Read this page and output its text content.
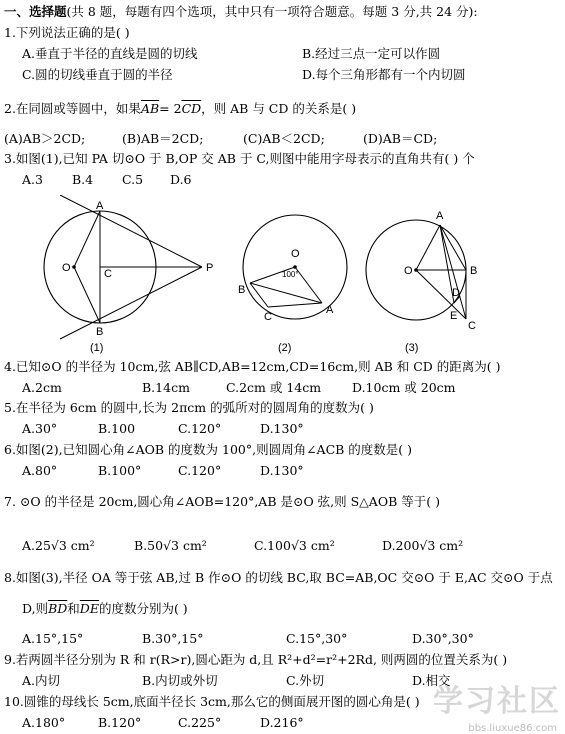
一、选择题(共 8 题，每题有四个选项，其中只有一项符合题意。每题 3 分,共 24 分):
1.下列说法正确的是( )
A.垂直于半径的直线是圆的切线	B.经过三点一定可以作圆
C.圆的切线垂直于圆的半径	D.每个三角形都有一个内切圆
2.在同圆或等圆中，如果$\overline{AB}= 2\overline{CD}$，则 AB 与 CD 的关系是( )
(A)AB＞2CD;	(B)AB＝2CD;	(C)AB＜2CD;	(D)AB＝CD;
3.如图(1),已知 PA 切⊙O 于 B,OP 交 AB 于 C,则图中能用字母表示的直角共有( ) 个
A.3 B.4 C.5 D.6
A
O	C	P
B
(1)
O
100°
B
C
A
(2)
A
O	B
D
E
C
(3)
4.已知⊙O 的半径为 10cm,弦 AB∥CD,AB=12cm,CD=16cm,则 AB 和 CD 的距离为( )
A.2cm	B.14cm	C.2cm 或 14cm D.10cm 或 20cm
5.在半径为 6cm 的圆中,长为 2πcm 的弧所对的圆周角的度数为( )
A.30°	B.100	C.120°	D.130°
6.如图(2),已知圆心角∠AOB 的度数为 100°,则圆周角∠ACB 的度数是( )
A.80°	B.100°	C.120°	D.130°
7. ⊙O 的半径是 20cm,圆心角∠AOB=120°,AB 是⊙O 弦,则 S△AOB 等于( )
A.25√3 cm²	B.50√3 cm²	C.100√3 cm²	D.200√3 cm²
8.如图(3),半径 OA 等于弦 AB,过 B 作⊙O 的切线 BC,取 BC=AB,OC 交⊙O 于 E,AC 交⊙O 于点
D,则$\overline{BD}$和$\overline{DE}$的度数分别为( )
A.15°,15°	B.30°,15°	C.15°,30°	D.30°,30°
9.若两圆半径分别为 R 和 r(R>r),圆心距为 d,且 R²+d²=r²+2Rd, 则两圆的位置关系为( )
A.内切	B.内切或外切	C.外切	D.相交
10.圆锥的母线长 5cm,底面半径长 3cm,那么它的侧面展开图的圆心角是( )
A.180°	B.120°	C.225°	D.216°
学习社区
bbs.liuxue86.com
